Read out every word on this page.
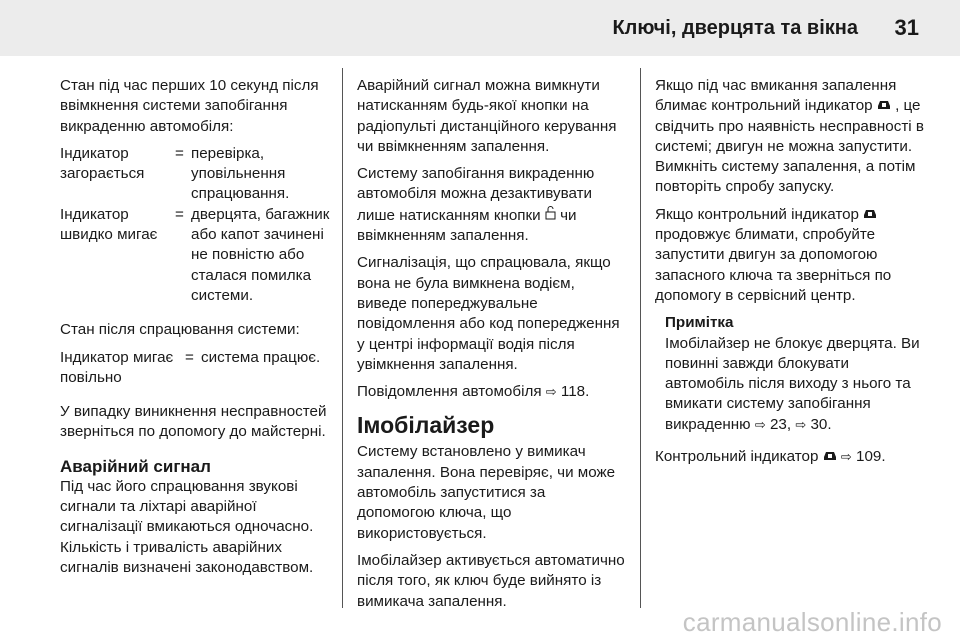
Ключі, дверцята та вікна 31

Стан під час перших 10 секунд після ввімкнення системи запобігання викраденню автомобіля:

Індикатор загорається
= перевірка, уповільнення спрацювання.
Індикатор швидко мигає
= дверцята, багажник або капот зачинені не повністю або сталася помилка системи.

Стан після спрацювання системи:

Індикатор мигає повільно
= система працює.

У випадку виникнення несправностей зверніться по допомогу до майстерні.

Аварійний сигнал

Під час його спрацювання звукові сигнали та ліхтарі аварійної сигналізації вмикаються одночасно. Кількість і тривалість аварійних сигналів визначені законодавством.

Аварійний сигнал можна вимкнути натисканням будь-якої кнопки на радіопульті дистанційного керування чи ввімкненням запалення.

Систему запобігання викраденню автомобіля можна дезактивувати лише натисканням кнопки чи ввімкненням запалення.

Сигналізація, що спрацювала, якщо вона не була вимкнена водієм, виведе попереджувальне повідомлення або код попередження у центрі інформації водія після увімкнення запалення.

Повідомлення автомобіля ⇨ 118.

Імобілайзер

Систему встановлено у вимикач запалення. Вона перевіряє, чи може автомобіль запуститися за допомогою ключа, що використовується.

Імобілайзер активується автоматично після того, як ключ буде вийнято із вимикача запалення.

Якщо під час вмикання запалення блимає контрольний індикатор , це свідчить про наявність несправності в системі; двигун не можна запустити. Вимкніть систему запалення, а потім повторіть спробу запуску.

Якщо контрольний індикатор  продовжує блимати, спробуйте запустити двигун за допомогою запасного ключа та зверніться по допомогу в сервісний центр.

Примітка
Імобілайзер не блокує дверцята. Ви повинні завжди блокувати автомобіль після виходу з нього та вмикати систему запобігання викраденню ⇨ 23, ⇨ 30.

Контрольний індикатор ⇨ 109.

carmanualsonline.info
